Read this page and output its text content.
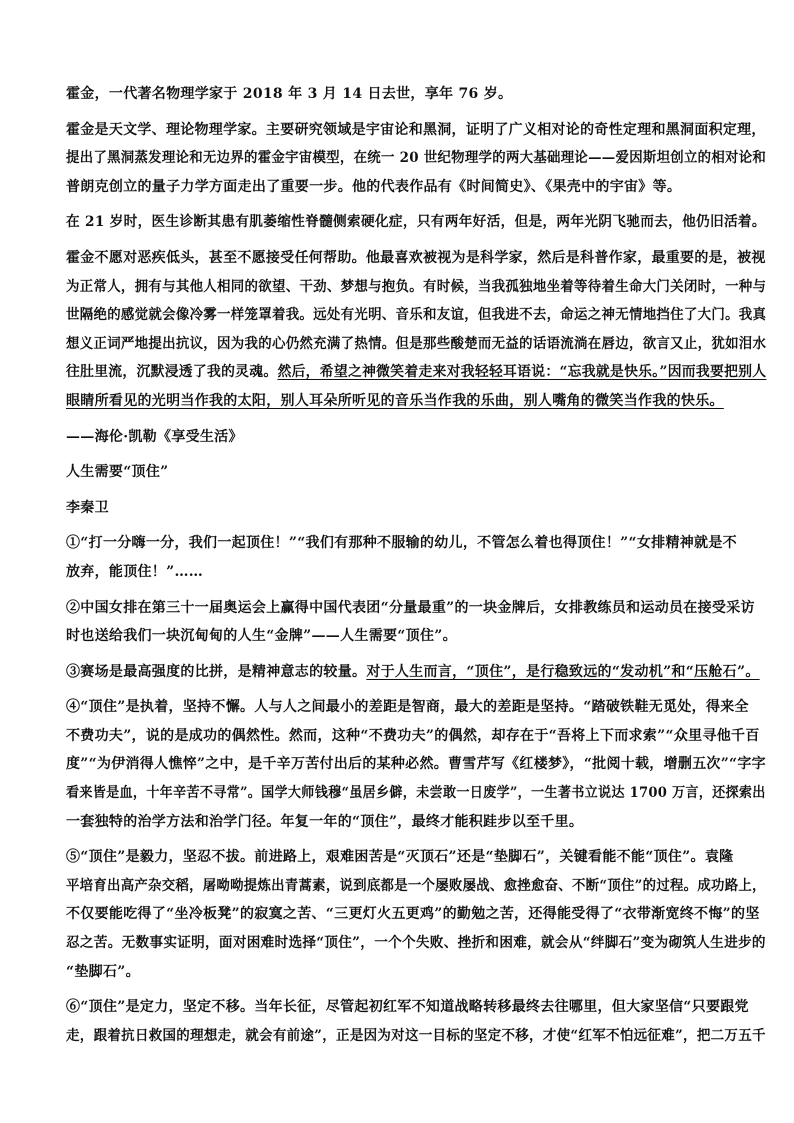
霍金，一代著名物理学家于 2018 年 3 月 14 日去世，享年 76 岁。
霍金是天文学、理论物理学家。主要研究领域是宇宙论和黑洞，证明了广义相对论的奇性定理和黑洞面积定理，
提出了黑洞蒸发理论和无边界的霍金宇宙模型，在统一 20 世纪物理学的两大基础理论——爱因斯坦创立的相对论和
普朗克创立的量子力学方面走出了重要一步。他的代表作品有《时间简史》、《果壳中的宇宙》等。
在 21 岁时，医生诊断其患有肌萎缩性脊髓侧索硬化症，只有两年好活，但是，两年光阴飞驰而去，他仍旧活着。
霍金不愿对恶疾低头，甚至不愿接受任何帮助。他最喜欢被视为是科学家，然后是科普作家，最重要的是，被视
为正常人，拥有与其他人相同的欲望、干劲、梦想与抱负。有时候，当我孤独地坐着等待着生命大门关闭时，一种与
世隔绝的感觉就会像冷雾一样笼罩着我。远处有光明、音乐和友谊，但我进不去，命运之神无情地挡住了大门。我真
想义正词严地提出抗议，因为我的心仍然充满了热情。但是那些酸楚而无益的话语流淌在唇边，欲言又止，犹如泪水
往肚里流，沉默浸透了我的灵魂。然后，希望之神微笑着走来对我轻轻耳语说：“忘我就是快乐。”因而我要把别人
眼睛所看见的光明当作我的太阳，别人耳朵所听见的音乐当作我的乐曲，别人嘴角的微笑当作我的快乐。
——海伦·凯勒《享受生活》
人生需要“顶住”
李秦卫
①“打一分嗨一分，我们一起顶住！”“我们有那种不服输的幼儿，不管怎么着也得顶住！”“女排精神就是不
放弃，能顶住！”……
②中国女排在第三十一届奥运会上赢得中国代表团“分量最重”的一块金牌后，女排教练员和运动员在接受采访
时也送给我们一块沉甸甸的人生“金牌”——人生需要“顶住”。
③赛场是最高强度的比拼，是精神意志的较量。对于人生而言，“顶住”，是行稳致远的“发动机”和“压舱石”。
④“顶住”是执着，坚持不懈。人与人之间最小的差距是智商，最大的差距是坚持。“踏破铁鞋无觅处，得来全
不费功夫”，说的是成功的偶然性。然而，这种“不费功夫”的偶然，却存在于“吾将上下而求索”“众里寻他千百
度”“为伊消得人憔悴”之中，是千辛万苦付出后的某种必然。曹雪芹写《红楼梦》，“批阅十载，增删五次”“字字
看来皆是血，十年辛苦不寻常”。国学大师钱穆“虽居乡僻，未尝敢一日废学”，一生著书立说达 1700 万言，还探索出
一套独特的治学方法和治学门径。年复一年的“顶住”，最终才能积跬步以至千里。
⑤“顶住”是毅力，坚忍不拔。前进路上，艰难困苦是“灭顶石”还是“垫脚石”，关键看能不能“顶住”。袁隆
平培育出高产杂交稻，屠呦呦提炼出青蒿素，说到底都是一个屡败屡战、愈挫愈奋、不断“顶住”的过程。成功路上，
不仅要能吃得了“坐冷板凳”的寂寞之苦、“三更灯火五更鸡”的勤勉之苦，还得能受得了“衣带渐宽终不悔”的坚
忍之苦。无数事实证明，面对困难时选择“顶住”，一个个失败、挫折和困难，就会从“绊脚石”变为砌筑人生进步的
“垫脚石”。
⑥“顶住”是定力，坚定不移。当年长征，尽管起初红军不知道战略转移最终去往哪里，但大家坚信“只要跟党
走，跟着抗日救国的理想走，就会有前途”，正是因为对这一目标的坚定不移，才使“红军不怕远征难”，把二万五千
